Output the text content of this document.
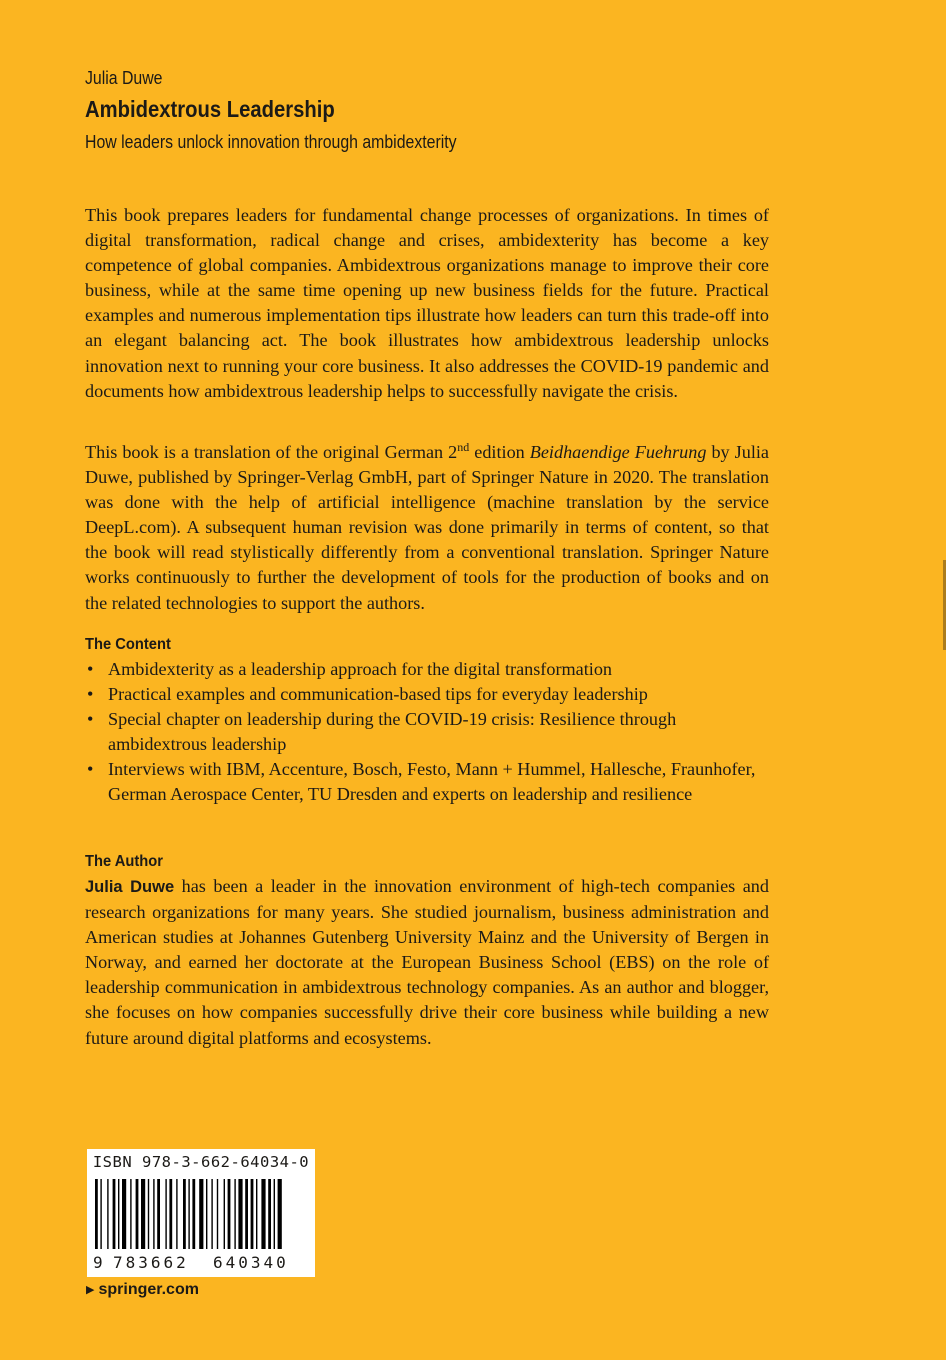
Julia Duwe
Ambidextrous Leadership
How leaders unlock innovation through ambidexterity

This book prepares leaders for fundamental change processes of organizations. In times of digital transformation, radical change and crises, ambidexterity has become a key competence of global companies. Ambidextrous organizations manage to improve their core business, while at the same time opening up new business fields for the future. Practical examples and numerous implementation tips illustrate how leaders can turn this trade-off into an elegant balancing act. The book illustrates how ambidextrous leadership unlocks innovation next to running your core business. It also addresses the COVID-19 pandemic and documents how ambidextrous leadership helps to successfully navigate the crisis.

This book is a translation of the original German 2nd edition Beidhaendige Fuehrung by Julia Duwe, published by Springer-Verlag GmbH, part of Springer Nature in 2020. The translation was done with the help of artificial intelligence (machine translation by the service DeepL.com). A subsequent human revision was done primarily in terms of content, so that the book will read stylistically differently from a conventional translation. Springer Nature works continuously to further the development of tools for the production of books and on the related technologies to support the authors.

The Content
• Ambidexterity as a leadership approach for the digital transformation
• Practical examples and communication-based tips for everyday leadership
• Special chapter on leadership during the COVID-19 crisis: Resilience through ambidextrous leadership
• Interviews with IBM, Accenture, Bosch, Festo, Mann + Hummel, Hallesche, Fraunhofer, German Aerospace Center, TU Dresden and experts on leadership and resilience
The Author

Julia Duwe has been a leader in the innovation environment of high-tech companies and research organizations for many years. She studied journalism, business administration and American studies at Johannes Gutenberg University Mainz and the University of Bergen in Norway, and earned her doctorate at the European Business School (EBS) on the role of leadership communication in ambidextrous technology companies. As an author and blogger, she focuses on how companies successfully drive their core business while building a new future around digital platforms and ecosystems.

ISBN 978-3-662-64034-0
9 783662 640340
▶ springer.com
